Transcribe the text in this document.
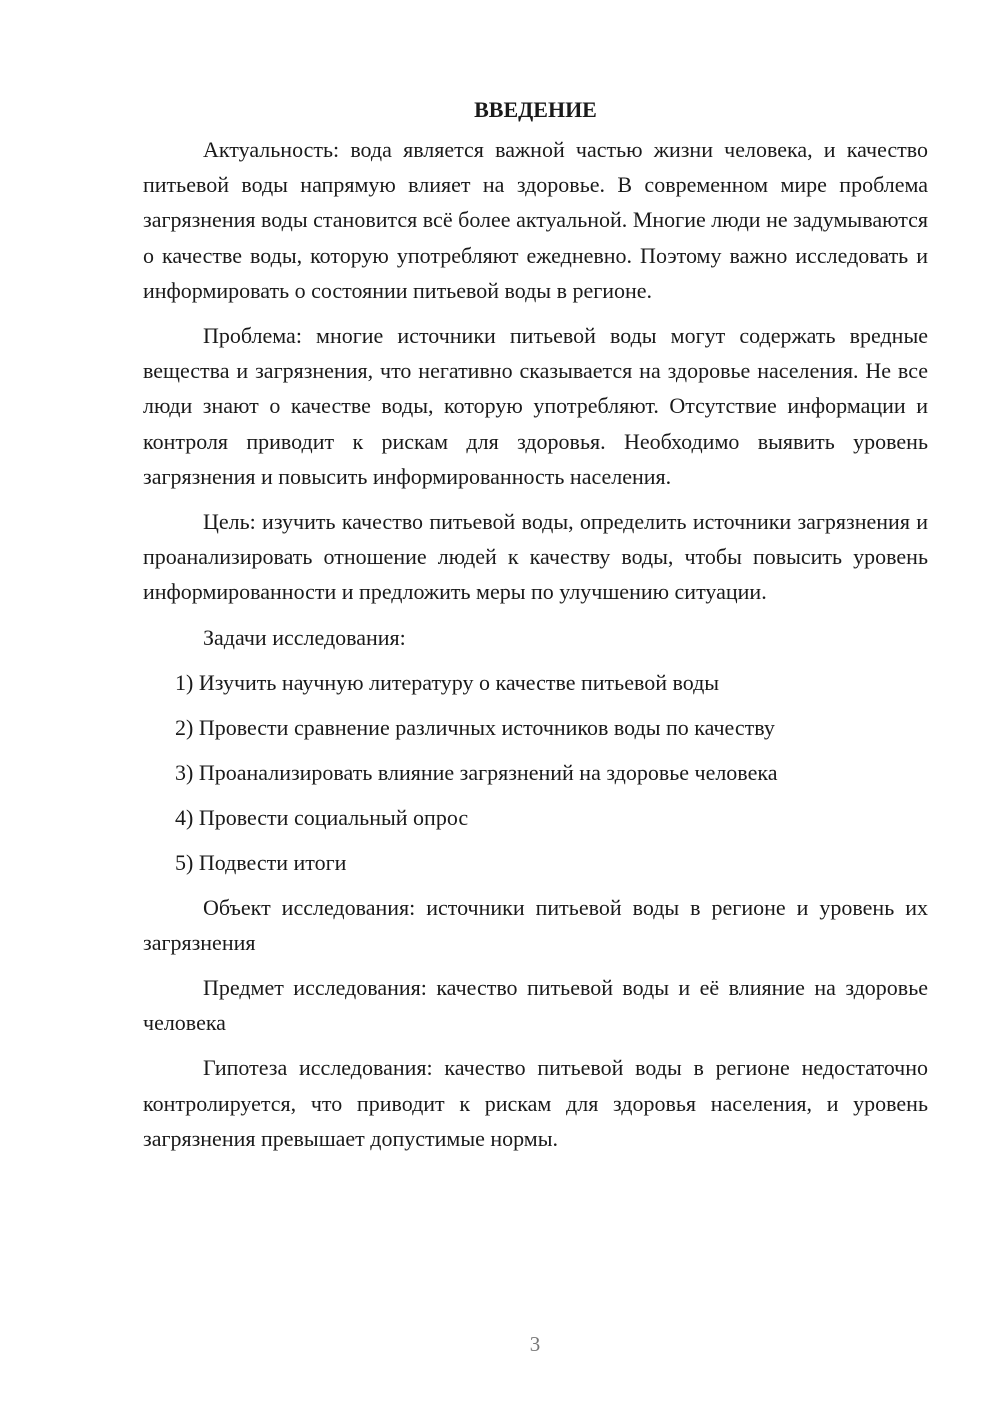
ВВЕДЕНИЕ

Актуальность: вода является важной частью жизни человека, и качество питьевой воды напрямую влияет на здоровье. В современном мире проблема загрязнения воды становится всё более актуальной. Многие люди не задумываются о качестве воды, которую употребляют ежедневно. Поэтому важно исследовать и информировать о состоянии питьевой воды в регионе.

Проблема: многие источники питьевой воды могут содержать вредные вещества и загрязнения, что негативно сказывается на здоровье населения. Не все люди знают о качестве воды, которую употребляют. Отсутствие информации и контроля приводит к рискам для здоровья. Необходимо выявить уровень загрязнения и повысить информированность населения.

Цель: изучить качество питьевой воды, определить источники загрязнения и проанализировать отношение людей к качеству воды, чтобы повысить уровень информированности и предложить меры по улучшению ситуации.

Задачи исследования:
1) Изучить научную литературу о качестве питьевой воды
2) Провести сравнение различных источников воды по качеству
3) Проанализировать влияние загрязнений на здоровье человека
4) Провести социальный опрос
5) Подвести итоги

Объект исследования: источники питьевой воды в регионе и уровень их загрязнения

Предмет исследования: качество питьевой воды и её влияние на здоровье человека

Гипотеза исследования: качество питьевой воды в регионе недостаточно контролируется, что приводит к рискам для здоровья населения, и уровень загрязнения превышает допустимые нормы.

3
